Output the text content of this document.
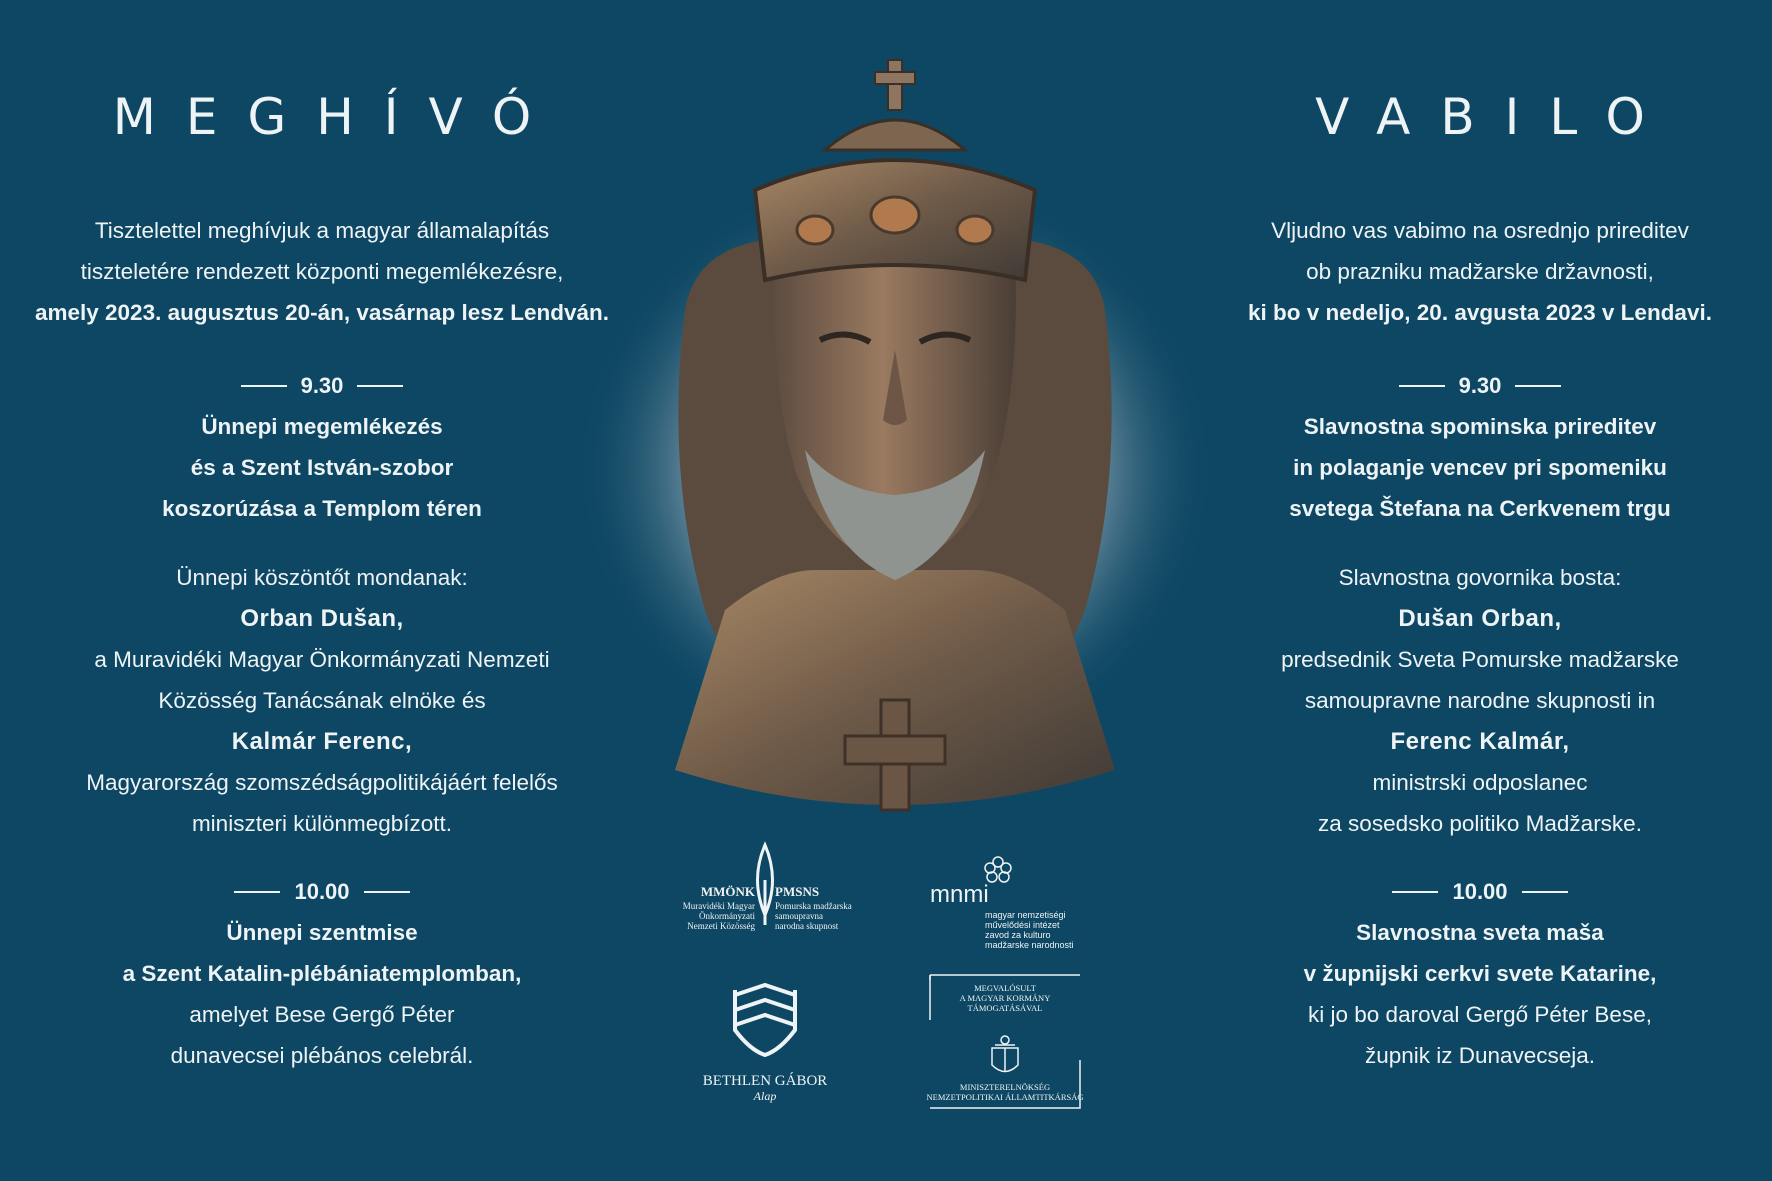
MEGHÍVÓ

Tisztelettel meghívjuk a magyar államalapítás

tiszteletére rendezett központi megemlékezésre,

amely 2023. augusztus 20-án, vasárnap lesz Lendván.

9.30

Ünnepi megemlékezés

és a Szent István-szobor

koszorúzása a Templom téren

Ünnepi köszöntőt mondanak:

Orban Dušan,

a Muravidéki Magyar Önkormányzati Nemzeti

Közösség Tanácsának elnöke és

Kalmár Ferenc,

Magyarország szomszédságpolitikájáért felelős

miniszteri különmegbízott.

10.00

Ünnepi szentmise

a Szent Katalin-plébániatemplomban,

amelyet Bese Gergő Péter

dunavecsei plébános celebrál.

VABILO

Vljudno vas vabimo na osrednjo prireditev

ob prazniku madžarske državnosti,

ki bo v nedeljo, 20. avgusta 2023 v Lendavi.

9.30

Slavnostna spominska prireditev

in polaganje vencev pri spomeniku

svetega Štefana na Cerkvenem trgu

Slavnostna govornika bosta:

Dušan Orban,

predsednik Sveta Pomurske madžarske

samoupravne narodne skupnosti in

Ferenc Kalmár,

ministrski odposlanec

za sosedsko politiko Madžarske.

10.00

Slavnostna sveta maša

v župnijski cerkvi svete Katarine,

ki jo bo daroval Gergő Péter Bese,

župnik iz Dunavecseja.

MMÖNK PMSNS
Muravidéki Magyar
Önkormányzati
Nemzeti Közösség
Pomurska madžarska
samoupravna
narodna skupnost
mnmi
magyar nemzetiségi
művelődési intézet
zavod za kulturo
madžarske narodnosti
BETHLEN GÁBOR
Alap
MEGVALÓSULT
A MAGYAR KORMÁNY
TÁMOGATÁSÁVAL
MINISZTERELNÖKSÉG
NEMZETPOLITIKAI ÁLLAMTITKÁRSÁG
